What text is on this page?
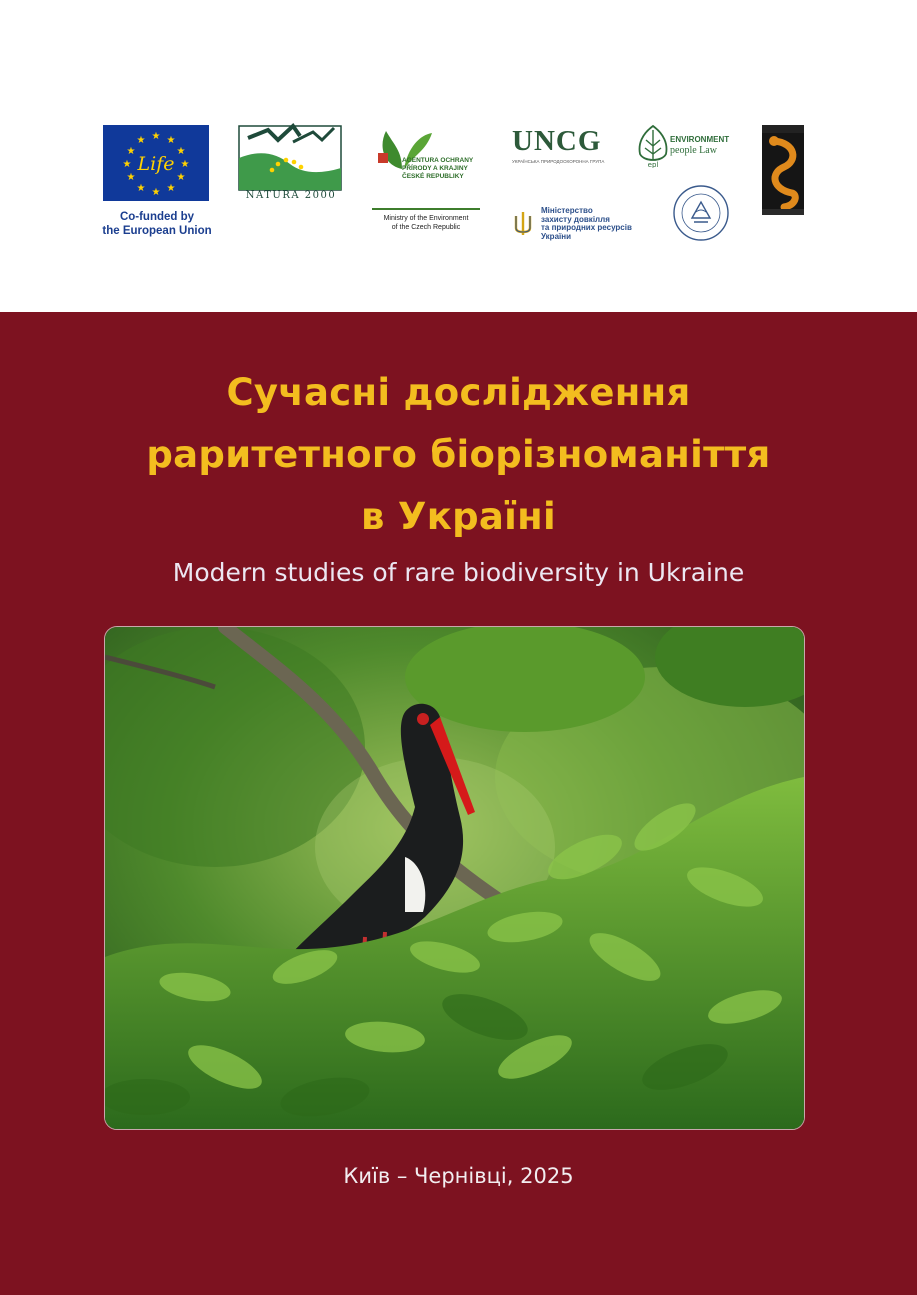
★ ★
★
★
★
★
★
★
★
★
★
★
Life
Co-funded by
the European Union
NATURA 2000
AGENTURA OCHRANY
PŘÍRODY A KRAJINY
ČESKÉ REPUBLIKY
Ministry of the Environment
of the Czech Republic
UNCG
УКРАЇНСЬКА ПРИРОДООХОРОННА ГРУПА
Міністерство
захисту довкілля
та природних ресурсів
України
epl
ENVIRONMENT
people Law
Сучасні дослідження
раритетного біорізноманіття
в Україні
Modern studies of rare biodiversity in Ukraine
Київ – Чернівці, 2025
